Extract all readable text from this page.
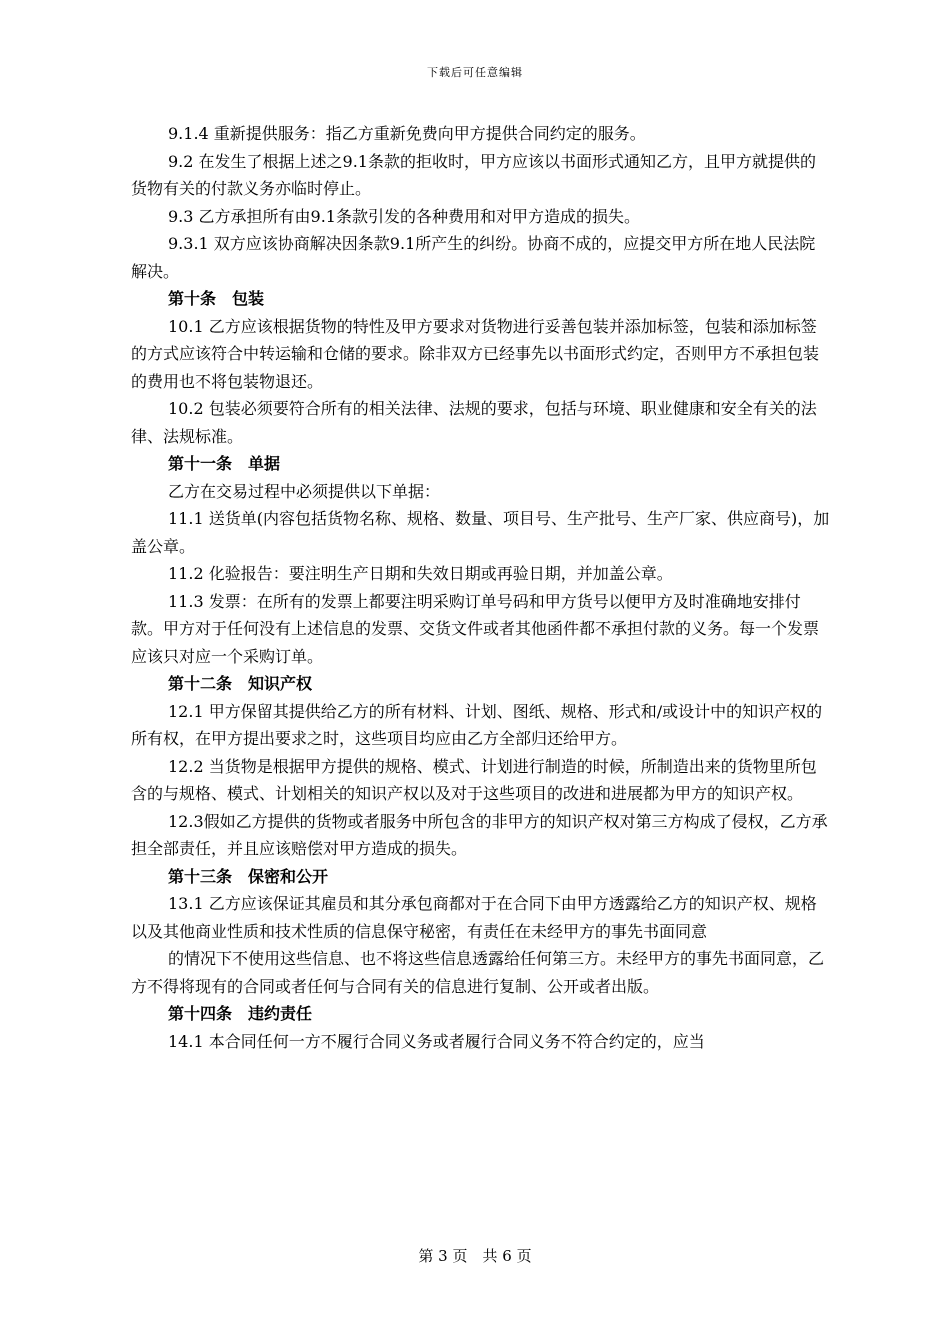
下载后可任意编辑

9.1.4 重新提供服务：指乙方重新免费向甲方提供合同约定的服务。

9.2 在发生了根据上述之9.1条款的拒收时，甲方应该以书面形式通知乙方，且甲方就提供的货物有关的付款义务亦临时停止。

9.3 乙方承担所有由9.1条款引发的各种费用和对甲方造成的损失。

9.3.1 双方应该协商解决因条款9.1所产生的纠纷。协商不成的，应提交甲方所在地人民法院解决。

第十条　包装

10.1 乙方应该根据货物的特性及甲方要求对货物进行妥善包装并添加标签，包装和添加标签的方式应该符合中转运输和仓储的要求。除非双方已经事先以书面形式约定，否则甲方不承担包装的费用也不将包装物退还。

10.2 包装必须要符合所有的相关法律、法规的要求，包括与环境、职业健康和安全有关的法律、法规标准。

第十一条　单据

乙方在交易过程中必须提供以下单据：

11.1 送货单(内容包括货物名称、规格、数量、项目号、生产批号、生产厂家、供应商号)，加盖公章。

11.2 化验报告：要注明生产日期和失效日期或再验日期，并加盖公章。

11.3 发票：在所有的发票上都要注明采购订单号码和甲方货号以便甲方及时准确地安排付款。甲方对于任何没有上述信息的发票、交货文件或者其他函件都不承担付款的义务。每一个发票应该只对应一个采购订单。

第十二条　知识产权

12.1 甲方保留其提供给乙方的所有材料、计划、图纸、规格、形式和/或设计中的知识产权的所有权，在甲方提出要求之时，这些项目均应由乙方全部归还给甲方。

12.2 当货物是根据甲方提供的规格、模式、计划进行制造的时候，所制造出来的货物里所包含的与规格、模式、计划相关的知识产权以及对于这些项目的改进和进展都为甲方的知识产权。

12.3假如乙方提供的货物或者服务中所包含的非甲方的知识产权对第三方构成了侵权，乙方承担全部责任，并且应该赔偿对甲方造成的损失。

第十三条　保密和公开

13.1 乙方应该保证其雇员和其分承包商都对于在合同下由甲方透露给乙方的知识产权、规格以及其他商业性质和技术性质的信息保守秘密，有责任在未经甲方的事先书面同意

的情况下不使用这些信息、也不将这些信息透露给任何第三方。未经甲方的事先书面同意，乙方不得将现有的合同或者任何与合同有关的信息进行复制、公开或者出版。

第十四条　违约责任

14.1 本合同任何一方不履行合同义务或者履行合同义务不符合约定的，应当

第 3 页　共 6 页
